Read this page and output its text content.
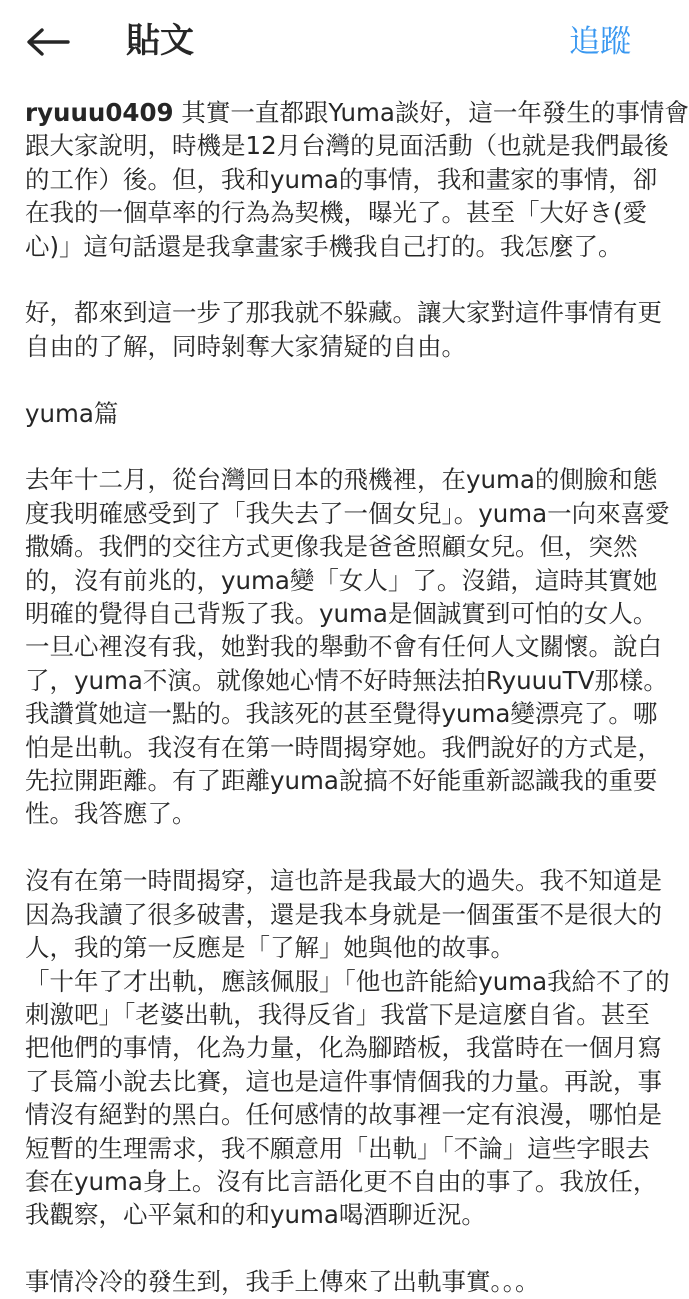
貼文	追蹤

ryuuu0409 其實一直都跟Yuma談好，這一年發生的事情會
跟大家說明，時機是12月台灣的見面活動（也就是我們最後
的工作）後。但，我和yuma的事情，我和畫家的事情，卻
在我的一個草率的行為為契機，曝光了。甚至「大好き(愛
心)」這句話還是我拿畫家手機我自己打的。我怎麼了。

好，都來到這一步了那我就不躲藏。讓大家對這件事情有更
自由的了解，同時剝奪大家猜疑的自由。

yuma篇

去年十二月，從台灣回日本的飛機裡，在yuma的側臉和態
度我明確感受到了「我失去了一個女兒」。yuma一向來喜愛
撒嬌。我們的交往方式更像我是爸爸照顧女兒。但，突然
的，沒有前兆的，yuma變「女人」了。沒錯，這時其實她
明確的覺得自己背叛了我。yuma是個誠實到可怕的女人。
一旦心裡沒有我，她對我的舉動不會有任何人文關懷。說白
了，yuma不演。就像她心情不好時無法拍RyuuuTV那樣。
我讚賞她這一點的。我該死的甚至覺得yuma變漂亮了。哪
怕是出軌。我沒有在第一時間揭穿她。我們說好的方式是，
先拉開距離。有了距離yuma說搞不好能重新認識我的重要
性。我答應了。

沒有在第一時間揭穿，這也許是我最大的過失。我不知道是
因為我讀了很多破書，還是我本身就是一個蛋蛋不是很大的
人，我的第一反應是「了解」她與他的故事。
「十年了才出軌，應該佩服」「他也許能給yuma我給不了的
刺激吧」「老婆出軌，我得反省」我當下是這麼自省。甚至
把他們的事情，化為力量，化為腳踏板，我當時在一個月寫
了長篇小說去比賽，這也是這件事情個我的力量。再說，事
情沒有絕對的黑白。任何感情的故事裡一定有浪漫，哪怕是
短暫的生理需求，我不願意用「出軌」「不論」這些字眼去
套在yuma身上。沒有比言語化更不自由的事了。我放任，
我觀察，心平氣和的和yuma喝酒聊近況。

事情冷冷的發生到，我手上傳來了出軌事實。。。
